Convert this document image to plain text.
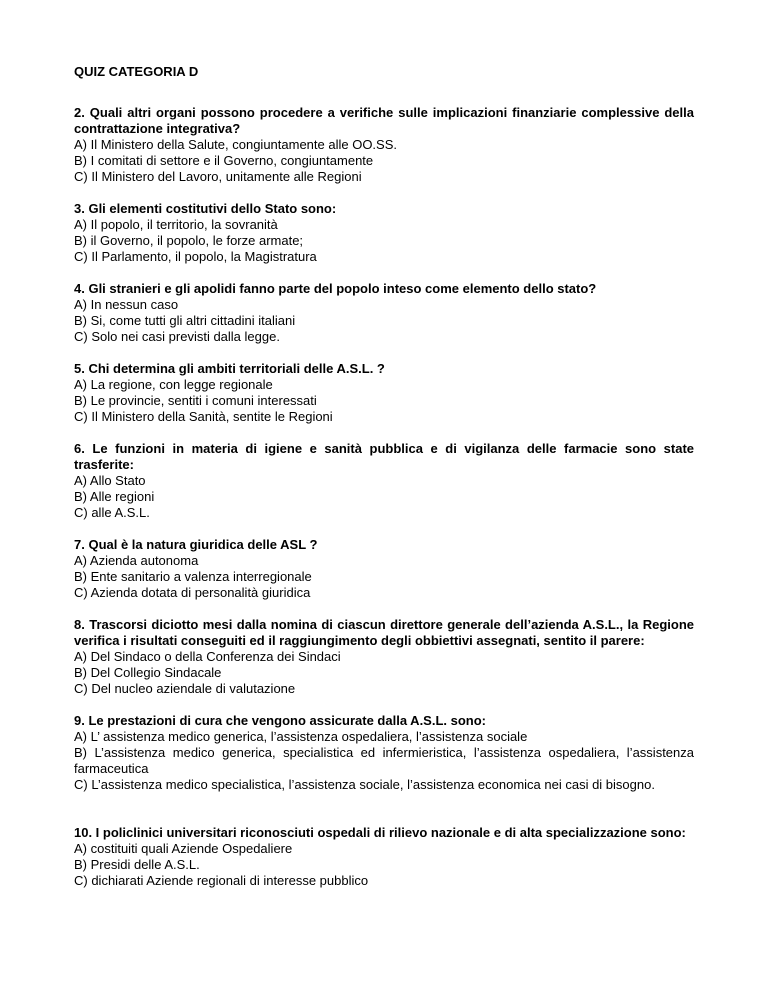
QUIZ CATEGORIA D
2. Quali altri organi possono procedere a verifiche sulle implicazioni finanziarie complessive della contrattazione integrativa?
A) Il Ministero della Salute, congiuntamente alle OO.SS.
B) I comitati di settore e il Governo, congiuntamente
C) Il Ministero del Lavoro, unitamente alle Regioni
3. Gli elementi costitutivi dello Stato sono:
A) Il popolo, il territorio, la sovranità
B) il Governo, il popolo, le forze armate;
C) Il Parlamento, il popolo, la Magistratura
4. Gli stranieri e gli apolidi fanno parte del popolo inteso come elemento dello stato?
A) In nessun caso
B) Si, come tutti gli altri cittadini italiani
C) Solo nei casi previsti dalla legge.
5. Chi determina gli ambiti territoriali delle A.S.L. ?
A) La regione, con legge regionale
B) Le provincie, sentiti i comuni interessati
C) Il Ministero della Sanità, sentite le Regioni
6. Le funzioni in materia di igiene e sanità pubblica e di vigilanza delle farmacie sono state trasferite:
A) Allo Stato
B) Alle regioni
C) alle A.S.L.
7. Qual è la natura giuridica delle ASL ?
A) Azienda autonoma
B) Ente sanitario a valenza interregionale
C) Azienda dotata di personalità giuridica
8. Trascorsi diciotto mesi dalla nomina di ciascun direttore generale dell’azienda A.S.L., la Regione verifica i risultati conseguiti ed il raggiungimento degli obbiettivi assegnati, sentito il parere:
A) Del Sindaco o della Conferenza dei Sindaci
B) Del Collegio Sindacale
C) Del nucleo aziendale di valutazione
9. Le prestazioni di cura che vengono assicurate dalla A.S.L. sono:
A) L’ assistenza medico generica, l’assistenza ospedaliera, l’assistenza sociale
B) L’assistenza medico generica, specialistica ed infermieristica, l’assistenza ospedaliera, l’assistenza farmaceutica
C) L’assistenza medico specialistica, l’assistenza sociale, l’assistenza economica nei casi di bisogno.
10. I policlinici universitari riconosciuti ospedali di rilievo nazionale e di alta specializzazione sono:
A) costituiti quali Aziende Ospedaliere
B) Presidi delle A.S.L.
C) dichiarati Aziende regionali di interesse pubblico
